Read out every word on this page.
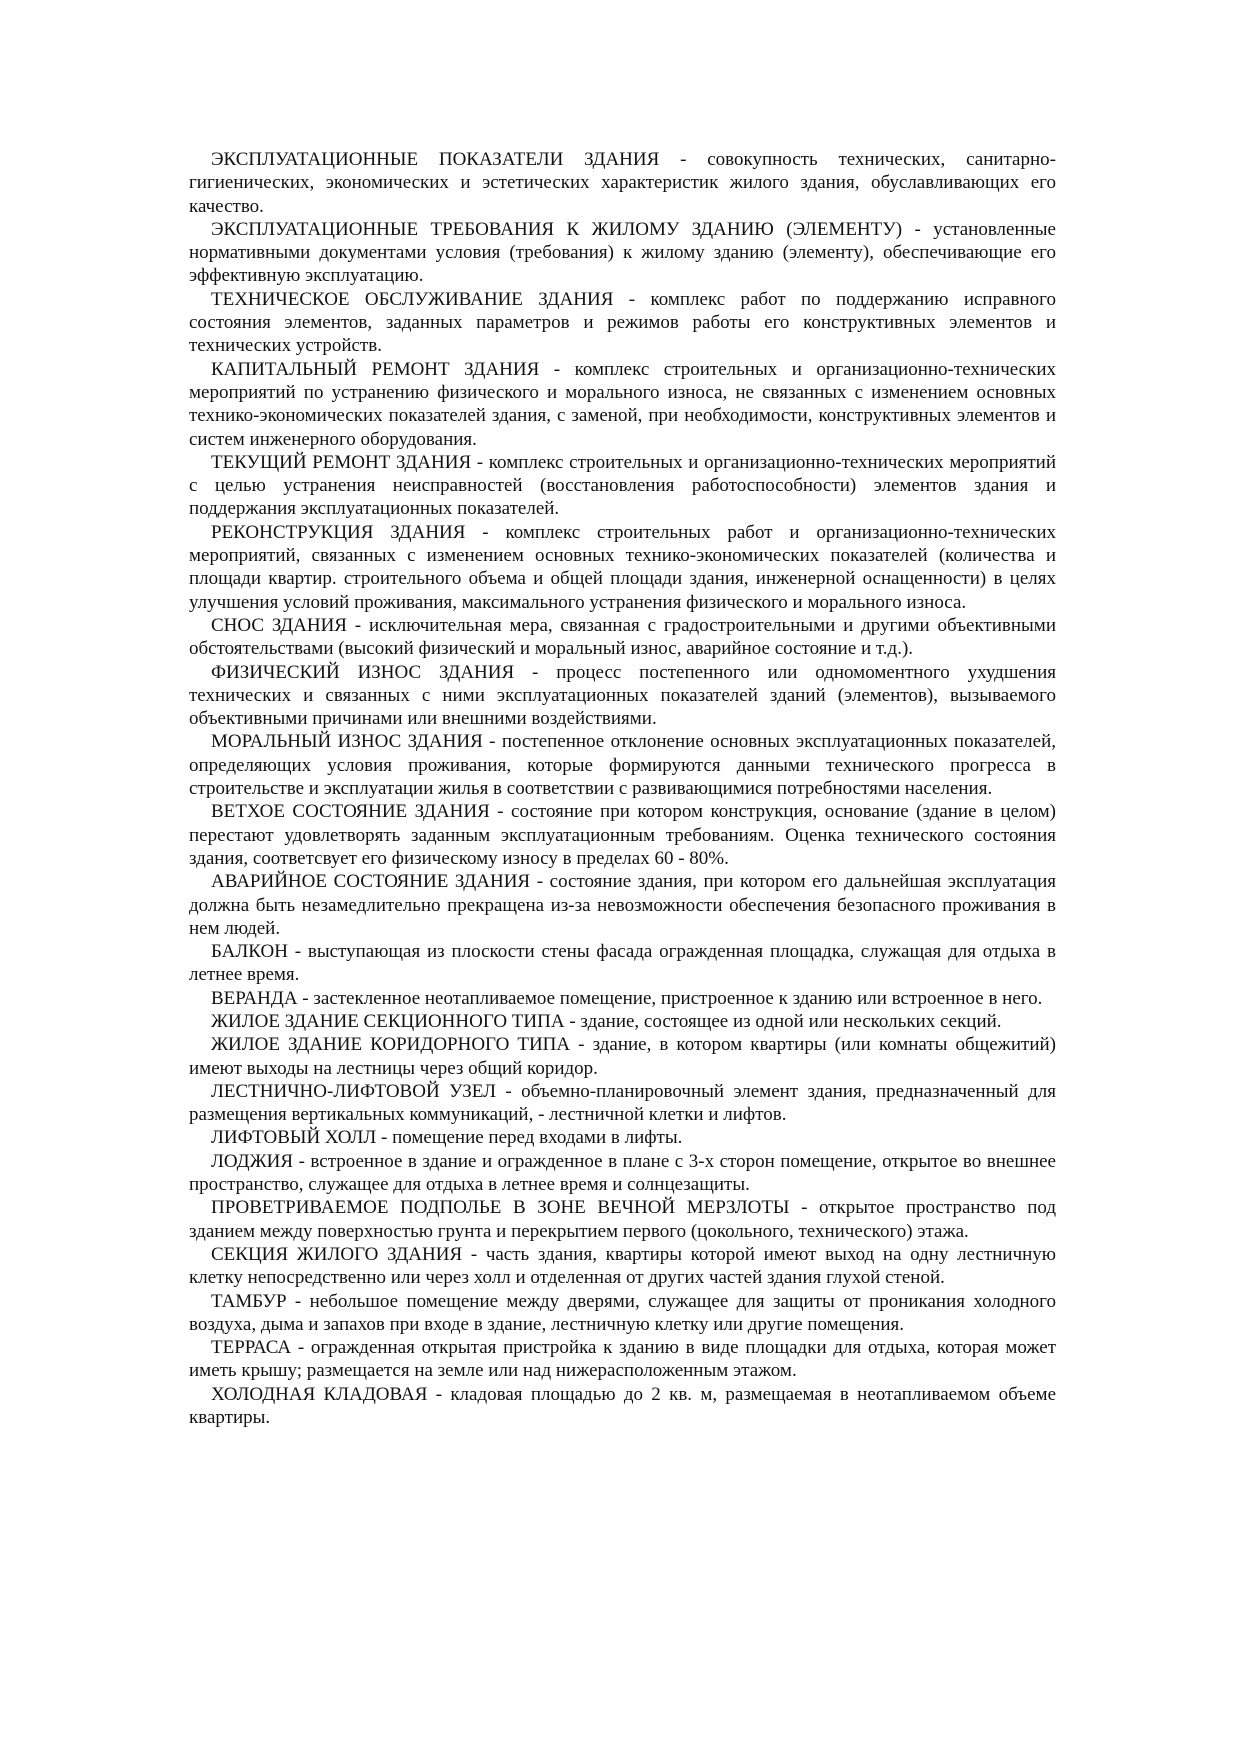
ЭКСПЛУАТАЦИОННЫЕ ПОКАЗАТЕЛИ ЗДАНИЯ - совокупность технических, санитарно-гигиенических, экономических и эстетических характеристик жилого здания, обуславливающих его качество.

ЭКСПЛУАТАЦИОННЫЕ ТРЕБОВАНИЯ К ЖИЛОМУ ЗДАНИЮ (ЭЛЕМЕНТУ) - установленные нормативными документами условия (требования) к жилому зданию (элементу), обеспечивающие его эффективную эксплуатацию.

ТЕХНИЧЕСКОЕ ОБСЛУЖИВАНИЕ ЗДАНИЯ - комплекс работ по поддержанию исправного состояния элементов, заданных параметров и режимов работы его конструктивных элементов и технических устройств.

КАПИТАЛЬНЫЙ РЕМОНТ ЗДАНИЯ - комплекс строительных и организационно-технических мероприятий по устранению физического и морального износа, не связанных с изменением основных технико-экономических показателей здания, с заменой, при необходимости, конструктивных элементов и систем инженерного оборудования.

ТЕКУЩИЙ РЕМОНТ ЗДАНИЯ - комплекс строительных и организационно-технических мероприятий с целью устранения неисправностей (восстановления работоспособности) элементов здания и поддержания эксплуатационных показателей.

РЕКОНСТРУКЦИЯ ЗДАНИЯ - комплекс строительных работ и организационно-технических мероприятий, связанных с изменением основных технико-экономических показателей (количества и площади квартир. строительного объема и общей площади здания, инженерной оснащенности) в целях улучшения условий проживания, максимального устранения физического и морального износа.

СНОС ЗДАНИЯ - исключительная мера, связанная с градостроительными и другими объективными обстоятельствами (высокий физический и моральный износ, аварийное состояние и т.д.).

ФИЗИЧЕСКИЙ ИЗНОС ЗДАНИЯ - процесс постепенного или одномоментного ухудшения технических и связанных с ними эксплуатационных показателей зданий (элементов), вызываемого объективными причинами или внешними воздействиями.

МОРАЛЬНЫЙ ИЗНОС ЗДАНИЯ - постепенное отклонение основных эксплуатационных показателей, определяющих условия проживания, которые формируются данными технического прогресса в строительстве и эксплуатации жилья в соответствии с развивающимися потребностями населения.

ВЕТХОЕ СОСТОЯНИЕ ЗДАНИЯ - состояние при котором конструкция, основание (здание в целом) перестают удовлетворять заданным эксплуатационным требованиям. Оценка технического состояния здания, соответсвует его физическому износу в пределах 60 - 80%.

АВАРИЙНОЕ СОСТОЯНИЕ ЗДАНИЯ - состояние здания, при котором его дальнейшая эксплуатация должна быть незамедлительно прекращена из-за невозможности обеспечения безопасного проживания в нем людей.

БАЛКОН - выступающая из плоскости стены фасада огражденная площадка, служащая для отдыха в летнее время.

ВЕРАНДА - застекленное неотапливаемое помещение, пристроенное к зданию или встроенное в него.

ЖИЛОЕ ЗДАНИЕ СЕКЦИОННОГО ТИПА - здание, состоящее из одной или нескольких секций.

ЖИЛОЕ ЗДАНИЕ КОРИДОРНОГО ТИПА - здание, в котором квартиры (или комнаты общежитий) имеют выходы на лестницы через общий коридор.

ЛЕСТНИЧНО-ЛИФТОВОЙ УЗЕЛ - объемно-планировочный элемент здания, предназначенный для размещения вертикальных коммуникаций, - лестничной клетки и лифтов.

ЛИФТОВЫЙ ХОЛЛ - помещение перед входами в лифты.

ЛОДЖИЯ - встроенное в здание и огражденное в плане с 3-х сторон помещение, открытое во внешнее пространство, служащее для отдыха в летнее время и солнцезащиты.

ПРОВЕТРИВАЕМОЕ ПОДПОЛЬЕ В ЗОНЕ ВЕЧНОЙ МЕРЗЛОТЫ - открытое пространство под зданием между поверхностью грунта и перекрытием первого (цокольного, технического) этажа.

СЕКЦИЯ ЖИЛОГО ЗДАНИЯ - часть здания, квартиры которой имеют выход на одну лестничную клетку непосредственно или через холл и отделенная от других частей здания глухой стеной.

ТАМБУР - небольшое помещение между дверями, служащее для защиты от проникания холодного воздуха, дыма и запахов при входе в здание, лестничную клетку или другие помещения.

ТЕРРАСА - огражденная открытая пристройка к зданию в виде площадки для отдыха, которая может иметь крышу; размещается на земле или над нижерасположенным этажом.

ХОЛОДНАЯ КЛАДОВАЯ - кладовая площадью до 2 кв. м, размещаемая в неотапливаемом объеме квартиры.
